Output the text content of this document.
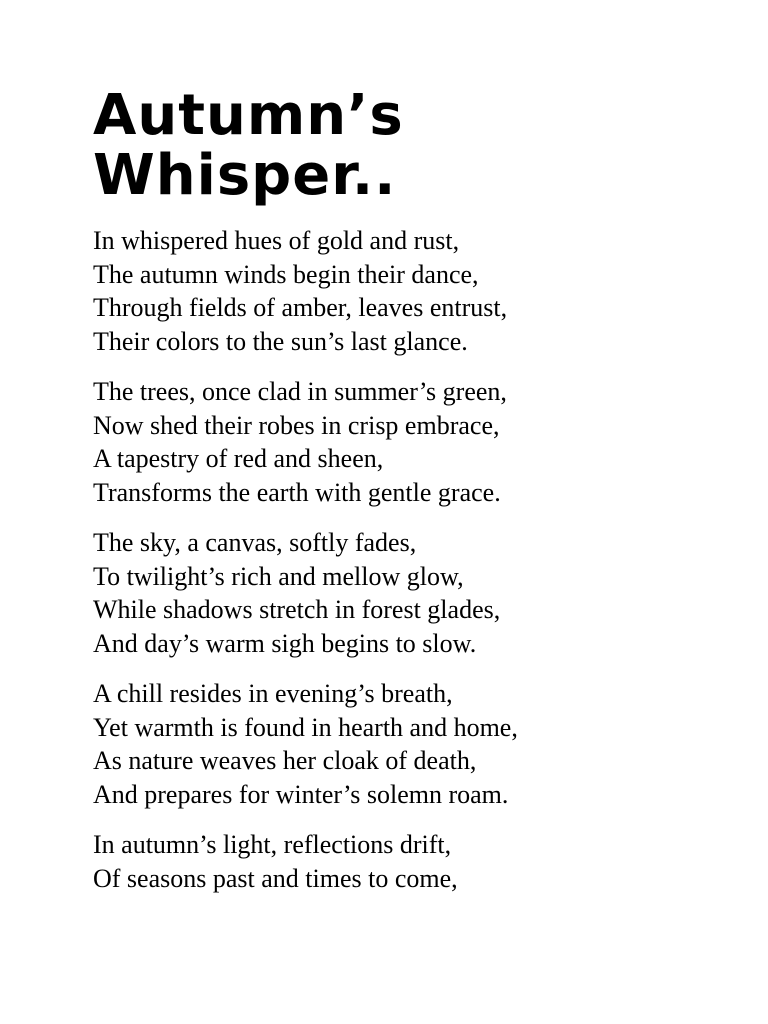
Autumn’s
Whisper..
In whispered hues of gold and rust,
The autumn winds begin their dance,
Through fields of amber, leaves entrust,
Their colors to the sun’s last glance.
The trees, once clad in summer’s green,
Now shed their robes in crisp embrace,
A tapestry of red and sheen,
Transforms the earth with gentle grace.
The sky, a canvas, softly fades,
To twilight’s rich and mellow glow,
While shadows stretch in forest glades,
And day’s warm sigh begins to slow.
A chill resides in evening’s breath,
Yet warmth is found in hearth and home,
As nature weaves her cloak of death,
And prepares for winter’s solemn roam.
In autumn’s light, reflections drift,
Of seasons past and times to come,
